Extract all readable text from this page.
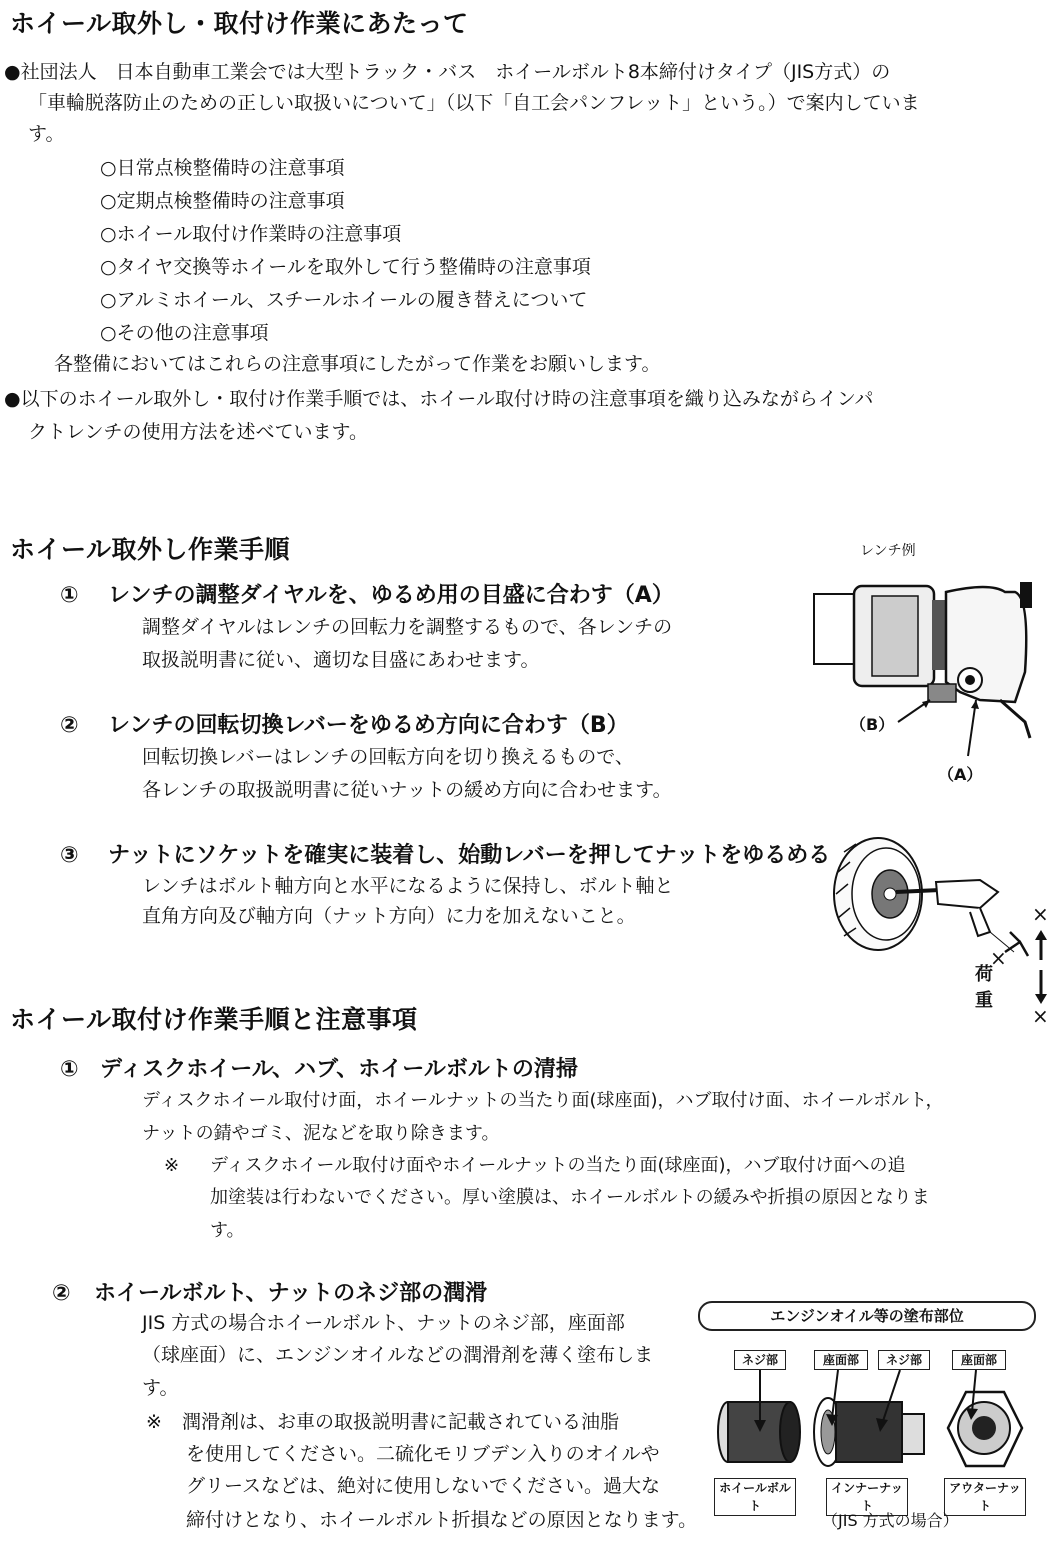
ホイール取外し・取付け作業にあたって
●社団法人　日本自動車工業会では大型トラック・バス　ホイールボルト8本締付けタイプ（JIS方式）の
「車輪脱落防止のための正しい取扱いについて」（以下「自工会パンフレット」という。）で案内していま
す。
○日常点検整備時の注意事項
○定期点検整備時の注意事項
○ホイール取付け作業時の注意事項
○タイヤ交換等ホイールを取外して行う整備時の注意事項
○アルミホイール、スチールホイールの履き替えについて
○その他の注意事項
各整備においてはこれらの注意事項にしたがって作業をお願いします。
●以下のホイール取外し・取付け作業手順では、ホイール取付け時の注意事項を織り込みながらインパ
クトレンチの使用方法を述べています。
ホイール取外し作業手順	レンチ例
① レンチの調整ダイヤルを、ゆるめ用の目盛に合わす（A）
調整ダイヤルはレンチの回転力を調整するもので、各レンチの
取扱説明書に従い、適切な目盛にあわせます。
② レンチの回転切換レバーをゆるめ方向に合わす（B）
回転切換レバーはレンチの回転方向を切り換えるもので、
各レンチの取扱説明書に従いナットの緩め方向に合わせます。
③ ナットにソケットを確実に装着し、始動レバーを押してナットをゆるめる
レンチはボルト軸方向と水平になるように保持し、ボルト軸と
直角方向及び軸方向（ナット方向）に力を加えないこと。
（B）
（A）
×
×
×
荷
重
ホイール取付け作業手順と注意事項
① ディスクホイール、ハブ、ホイールボルトの清掃
ディスクホイール取付け面，ホイールナットの当たり面(球座面)，ハブ取付け面、ホイールボルト，
ナットの錆やゴミ、泥などを取り除きます。
※ ディスクホイール取付け面やホイールナットの当たり面(球座面)，ハブ取付け面への追
加塗装は行わないでください。厚い塗膜は、ホイールボルトの緩みや折損の原因となりま
す。
② ホイールボルト、ナットのネジ部の潤滑
JIS 方式の場合ホイールボルト、ナットのネジ部，座面部
（球座面）に、エンジンオイルなどの潤滑剤を薄く塗布しま
す。
※ 潤滑剤は、お車の取扱説明書に記載されている油脂
を使用してください。二硫化モリブデン入りのオイルや
グリースなどは、絶対に使用しないでください。過大な
締付けとなり、ホイールボルト折損などの原因となります。
エンジンオイル等の塗布部位
ネジ部	座面部	ネジ部	座面部
ホイールボルト
インナーナット
アウターナット
（JIS 方式の場合）
